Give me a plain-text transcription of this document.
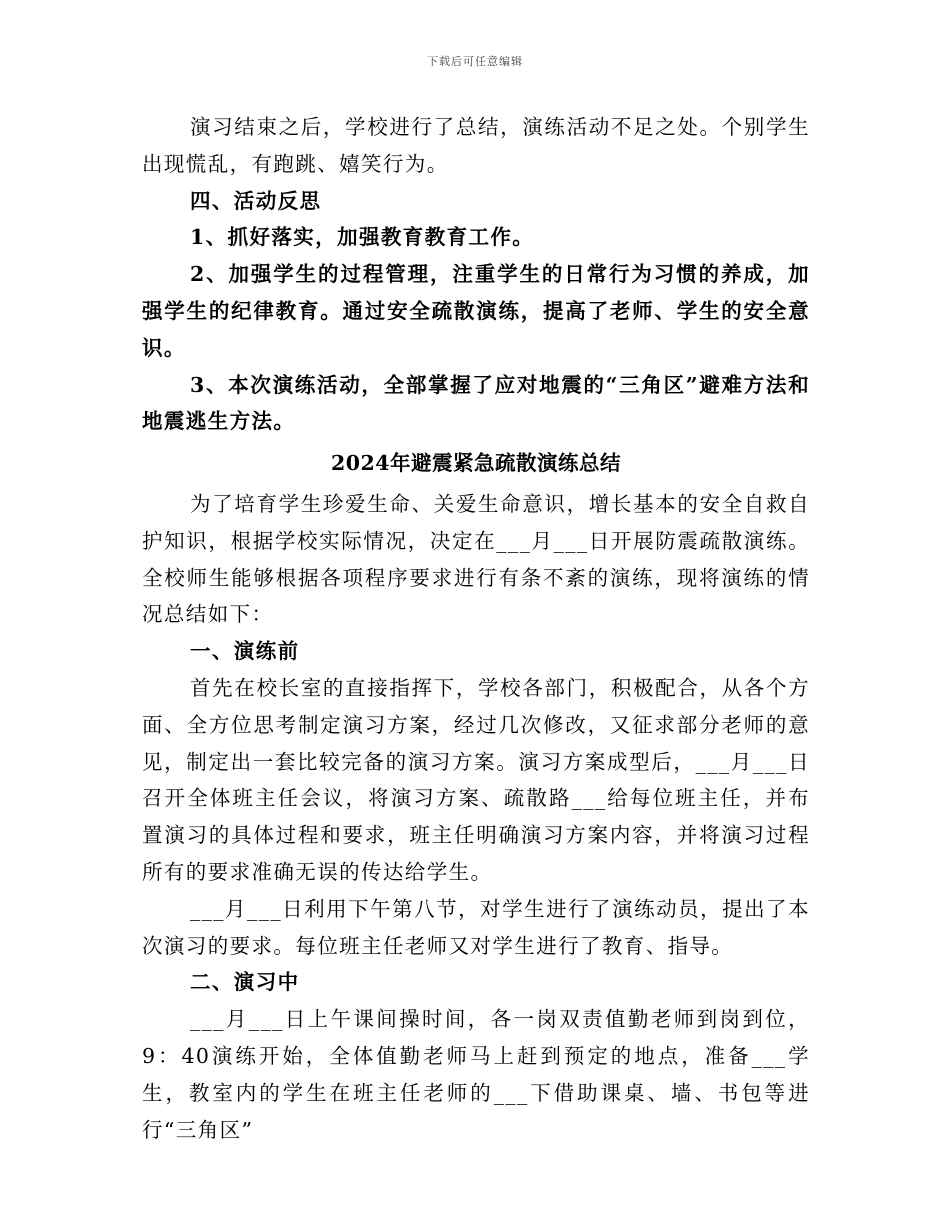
下载后可任意编辑

演习结束之后，学校进行了总结，演练活动不足之处。个别学生出现慌乱，有跑跳、嬉笑行为。

四、活动反思

1、抓好落实，加强教育教育工作。

2、加强学生的过程管理，注重学生的日常行为习惯的养成，加强学生的纪律教育。通过安全疏散演练，提高了老师、学生的安全意识。

3、本次演练活动，全部掌握了应对地震的“三角区”避难方法和地震逃生方法。

2024年避震紧急疏散演练总结

为了培育学生珍爱生命、关爱生命意识，增长基本的安全自救自护知识，根据学校实际情况，决定在___月___日开展防震疏散演练。全校师生能够根据各项程序要求进行有条不紊的演练，现将演练的情况总结如下：

一、演练前

首先在校长室的直接指挥下，学校各部门，积极配合，从各个方面、全方位思考制定演习方案，经过几次修改，又征求部分老师的意见，制定出一套比较完备的演习方案。演习方案成型后，___月___日召开全体班主任会议，将演习方案、疏散路___给每位班主任，并布置演习的具体过程和要求，班主任明确演习方案内容，并将演习过程所有的要求准确无误的传达给学生。

___月___日利用下午第八节，对学生进行了演练动员，提出了本次演习的要求。每位班主任老师又对学生进行了教育、指导。

二、演习中

___月___日上午课间操时间，各一岗双责值勤老师到岗到位，9：40演练开始，全体值勤老师马上赶到预定的地点，准备___学生，教室内的学生在班主任老师的___下借助课桌、墙、书包等进行“三角区”
